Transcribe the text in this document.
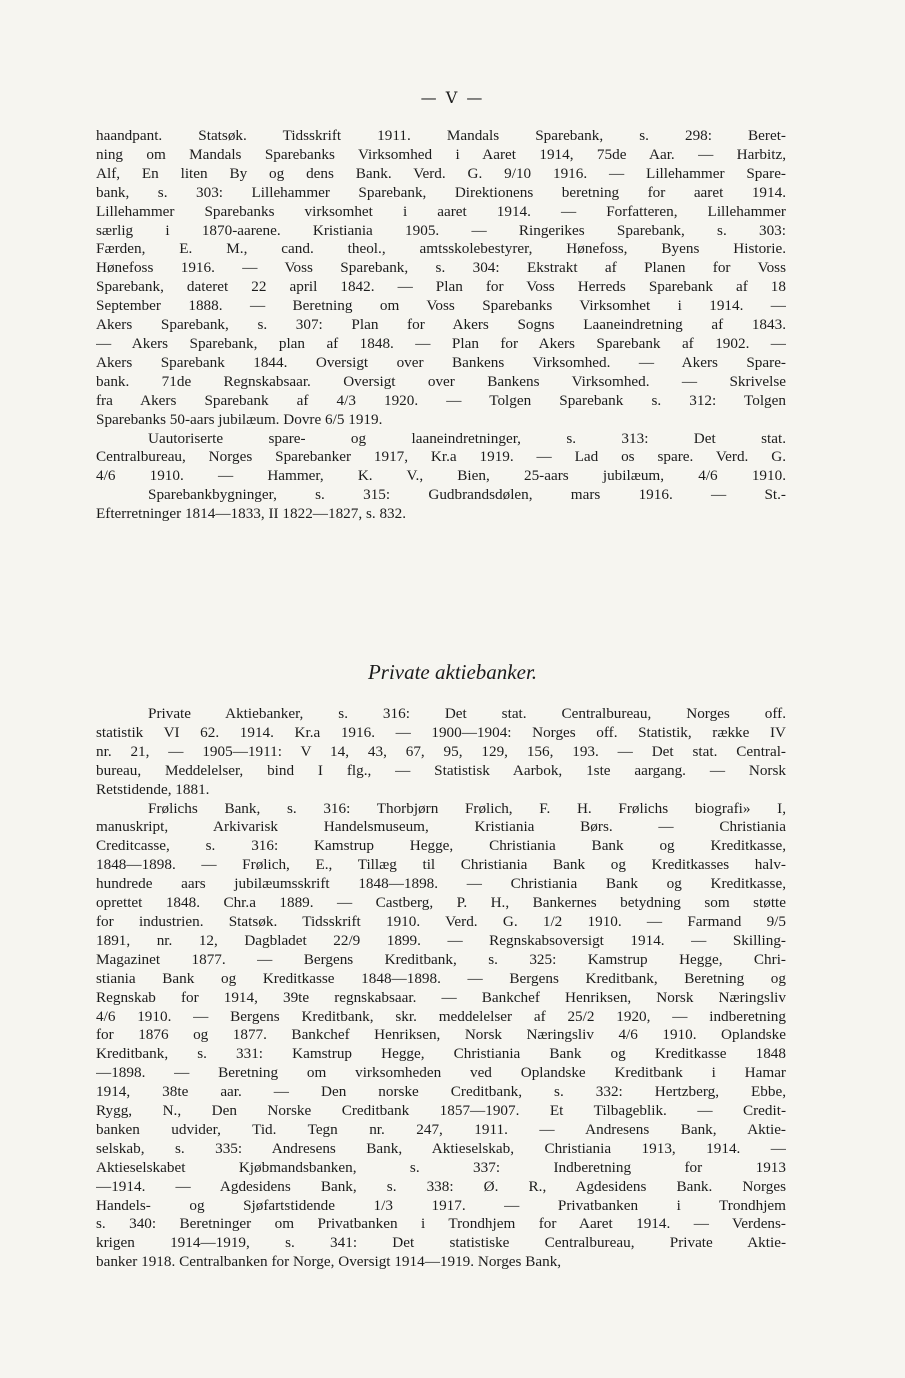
— V —
haandpant. Statsøk. Tidsskrift 1911. Mandals Sparebank, s. 298: Beret-
ning om Mandals Sparebanks Virksomhed i Aaret 1914, 75de Aar. — Harbitz,
Alf, En liten By og dens Bank. Verd. G. 9/10 1916. — Lillehammer Spare-
bank, s. 303: Lillehammer Sparebank, Direktionens beretning for aaret 1914.
Lillehammer Sparebanks virksomhet i aaret 1914. — Forfatteren, Lillehammer
særlig i 1870-aarene. Kristiania 1905. — Ringerikes Sparebank, s. 303:
Færden, E. M., cand. theol., amtsskolebestyrer, Hønefoss, Byens Historie.
Hønefoss 1916. — Voss Sparebank, s. 304: Ekstrakt af Planen for Voss
Sparebank, dateret 22 april 1842. — Plan for Voss Herreds Sparebank af 18
September 1888. — Beretning om Voss Sparebanks Virksomhet i 1914. —
Akers Sparebank, s. 307: Plan for Akers Sogns Laaneindretning af 1843.
— Akers Sparebank, plan af 1848. — Plan for Akers Sparebank af 1902. —
Akers Sparebank 1844. Oversigt over Bankens Virksomhed. — Akers Spare-
bank. 71de Regnskabsaar. Oversigt over Bankens Virksomhed. — Skrivelse
fra Akers Sparebank af 4/3 1920. — Tolgen Sparebank s. 312: Tolgen
Sparebanks 50-aars jubilæum. Dovre 6/5 1919.
Uautoriserte spare- og laaneindretninger, s. 313: Det stat.
Centralbureau, Norges Sparebanker 1917, Kr.a 1919. — Lad os spare. Verd. G.
4/6 1910. — Hammer, K. V., Bien, 25-aars jubilæum, 4/6 1910.
Sparebankbygninger, s. 315: Gudbrandsdølen, mars 1916. — St.-
Efterretninger 1814—1833, II 1822—1827, s. 832.
Private aktiebanker.
Private Aktiebanker, s. 316: Det stat. Centralbureau, Norges off.
statistik VI 62. 1914. Kr.a 1916. — 1900—1904: Norges off. Statistik, række IV
nr. 21, — 1905—1911: V 14, 43, 67, 95, 129, 156, 193. — Det stat. Central-
bureau, Meddelelser, bind I flg., — Statistisk Aarbok, 1ste aargang. — Norsk
Retstidende, 1881.
Frølichs Bank, s. 316: Thorbjørn Frølich, F. H. Frølichs biografi» I,
manuskript, Arkivarisk Handelsmuseum, Kristiania Børs. — Christiania
Creditcasse, s. 316: Kamstrup Hegge, Christiania Bank og Kreditkasse,
1848—1898. — Frølich, E., Tillæg til Christiania Bank og Kreditkasses halv-
hundrede aars jubilæumsskrift 1848—1898. — Christiania Bank og Kreditkasse,
oprettet 1848. Chr.a 1889. — Castberg, P. H., Bankernes betydning som støtte
for industrien. Statsøk. Tidsskrift 1910. Verd. G. 1/2 1910. — Farmand 9/5
1891, nr. 12, Dagbladet 22/9 1899. — Regnskabsoversigt 1914. — Skilling-
Magazinet 1877. — Bergens Kreditbank, s. 325: Kamstrup Hegge, Chri-
stiania Bank og Kreditkasse 1848—1898. — Bergens Kreditbank, Beretning og
Regnskab for 1914, 39te regnskabsaar. — Bankchef Henriksen, Norsk Næringsliv
4/6 1910. — Bergens Kreditbank, skr. meddelelser af 25/2 1920, — indberetning
for 1876 og 1877. Bankchef Henriksen, Norsk Næringsliv 4/6 1910. Oplandske
Kreditbank, s. 331: Kamstrup Hegge, Christiania Bank og Kreditkasse 1848
—1898. — Beretning om virksomheden ved Oplandske Kreditbank i Hamar
1914, 38te aar. — Den norske Creditbank, s. 332: Hertzberg, Ebbe,
Rygg, N., Den Norske Creditbank 1857—1907. Et Tilbageblik. — Credit-
banken udvider, Tid. Tegn nr. 247, 1911. — Andresens Bank, Aktie-
selskab, s. 335: Andresens Bank, Aktieselskab, Christiania 1913, 1914. —
Aktieselskabet Kjøbmandsbanken, s. 337: Indberetning for 1913
—1914. — Agdesidens Bank, s. 338: Ø. R., Agdesidens Bank. Norges
Handels- og Sjøfartstidende 1/3 1917. — Privatbanken i Trondhjem
s. 340: Beretninger om Privatbanken i Trondhjem for Aaret 1914. — Verdens-
krigen 1914—1919, s. 341: Det statistiske Centralbureau, Private Aktie-
banker 1918. Centralbanken for Norge, Oversigt 1914—1919. Norges Bank,
